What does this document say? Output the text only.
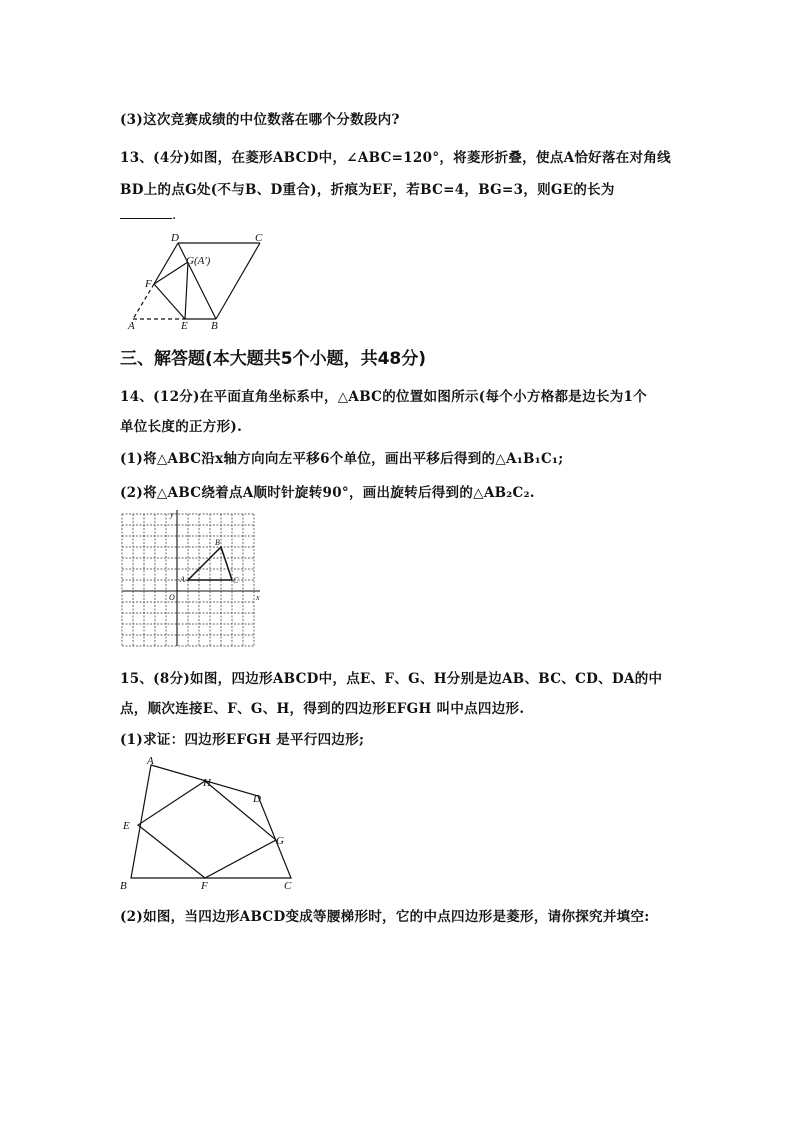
(3)这次竞赛成绩的中位数落在哪个分数段内?
13、(4分)如图，在菱形ABCD中，∠ABC=120°，将菱形折叠，使点A恰好落在对角线
BD上的点G处(不与B、D重合)，折痕为EF，若BC=4，BG=3，则GE的长为
.
D	C
G(A')
F
A	E B
三、解答题(本大题共5个小题，共48分)
14、(12分)在平面直角坐标系中，△ABC的位置如图所示(每个小方格都是边长为1个
单位长度的正方形).
(1)将△ABC沿x轴方向向左平移6个单位，画出平移后得到的△A₁B₁C₁;
(2)将△ABC绕着点A顺时针旋转90°，画出旋转后得到的△AB₂C₂.
y
x
O
A
B
C
15、(8分)如图，四边形ABCD中，点E、F、G、H分别是边AB、BC、CD、DA的中
点，顺次连接E、F、G、H，得到的四边形EFGH 叫中点四边形.
(1)求证：四边形EFGH 是平行四边形;
A
H
D
E
G
B	F	C
(2)如图，当四边形ABCD变成等腰梯形时，它的中点四边形是菱形，请你探究并填空:
